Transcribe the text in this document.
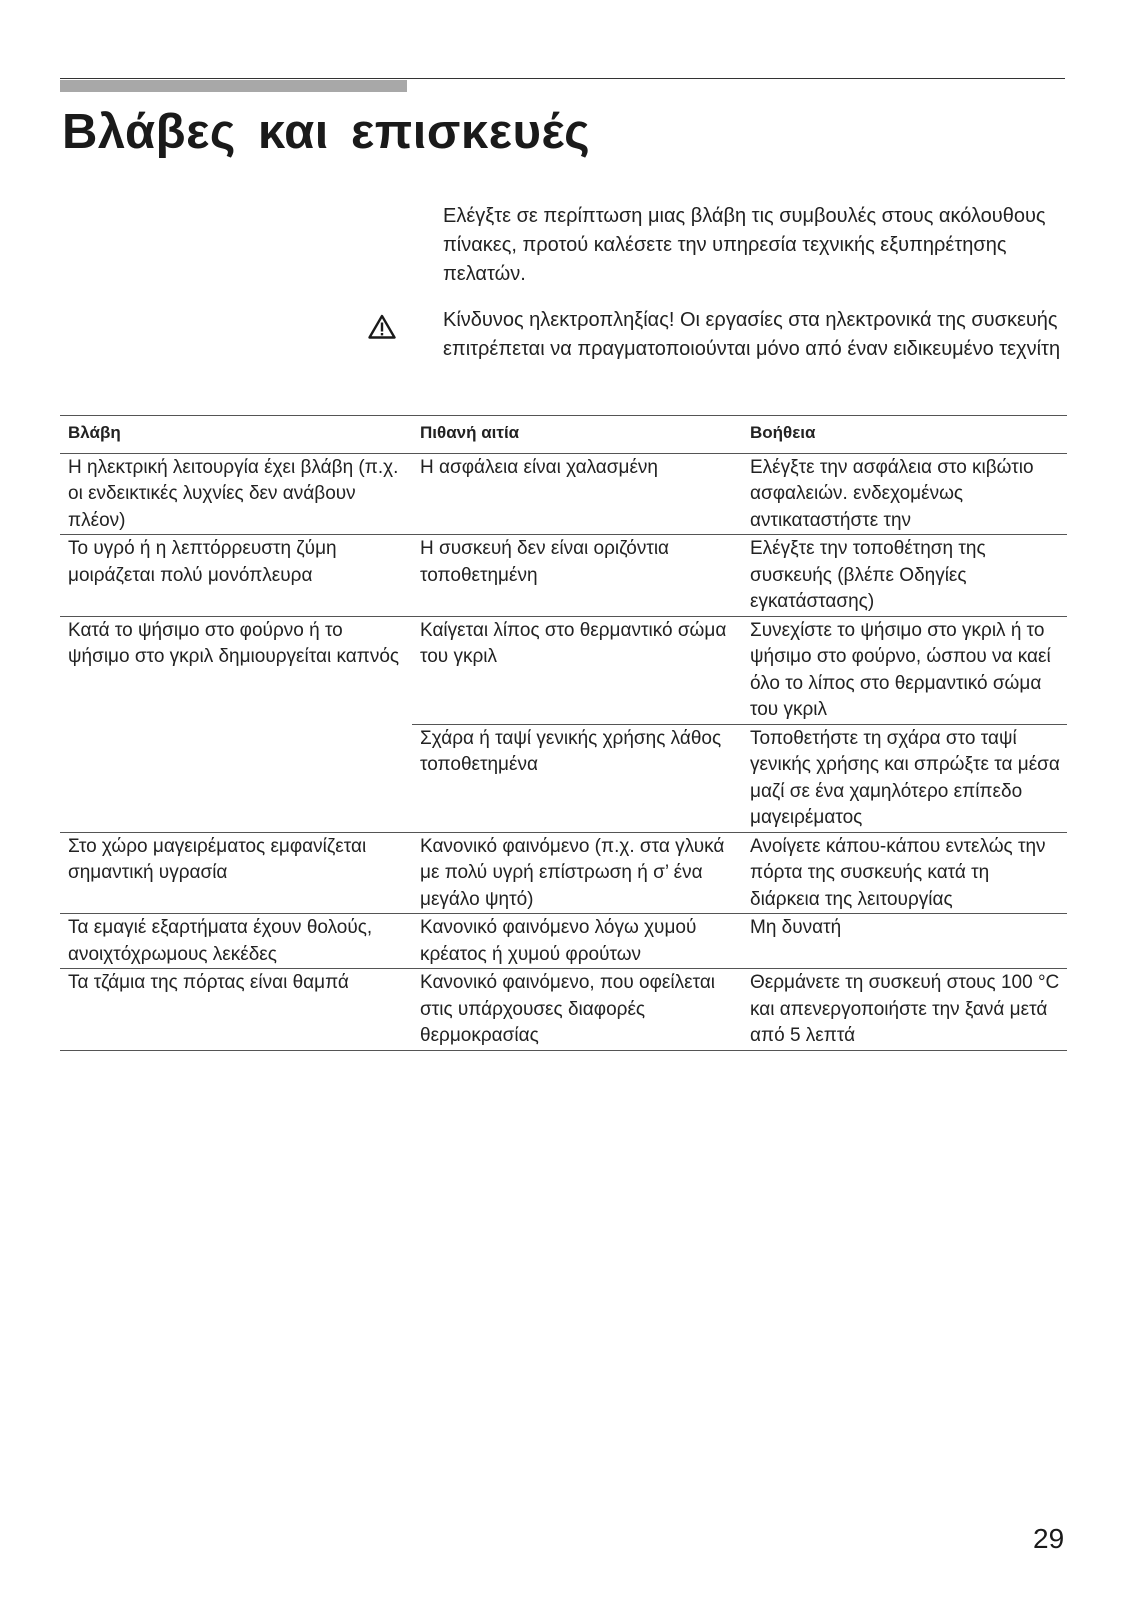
Βλάβες και επισκευές

Ελέγξτε σε περίπτωση μιας βλάβη τις συμβουλές στους ακόλουθους πίνακες, προτού καλέσετε την υπηρεσία τεχνικής εξυπηρέτησης πελατών.

Κίνδυνος ηλεκτροπληξίας! Οι εργασίες στα ηλεκτρονικά της συσκευής επιτρέπεται να πραγματοποιούνται μόνο από έναν ειδικευμένο τεχνίτη

Βλάβη	Πιθανή αιτία	Βοήθεια
Η ηλεκτρική λειτουργία έχει βλάβη (π.χ. οι ενδεικτικές λυχνίες δεν ανάβουν πλέον)	Η ασφάλεια είναι χαλασμένη	Ελέγξτε την ασφάλεια στο κιβώτιο ασφαλειών. ενδεχομένως αντικαταστήστε την
Το υγρό ή η λεπτόρρευστη ζύμη μοιράζεται πολύ μονόπλευρα	Η συσκευή δεν είναι οριζόντια τοποθετημένη	Ελέγξτε την τοποθέτηση της συσκευής (βλέπε Οδηγίες εγκατάστασης)
Κατά το ψήσιμο στο φούρνο ή το ψήσιμο στο γκριλ δημιουργείται καπνός	Καίγεται λίπος στο θερμαντικό σώμα του γκριλ	Συνεχίστε το ψήσιμο στο γκριλ ή το ψήσιμο στο φούρνο, ώσπου να καεί όλο το λίπος στο θερμαντικό σώμα του γκριλ
	Σχάρα ή ταψί γενικής χρήσης λάθος τοποθετημένα	Τοποθετήστε τη σχάρα στο ταψί γενικής χρήσης και σπρώξτε τα μέσα μαζί σε ένα χαμηλότερο επίπεδο μαγειρέματος
Στο χώρο μαγειρέματος εμφανίζεται σημαντική υγρασία	Κανονικό φαινόμενο (π.χ. στα γλυκά με πολύ υγρή επίστρωση ή σ’ ένα μεγάλο ψητό)	Ανοίγετε κάπου-κάπου εντελώς την πόρτα της συσκευής κατά τη διάρκεια της λειτουργίας
Τα εμαγιέ εξαρτήματα έχουν θολούς, ανοιχτόχρωμους λεκέδες	Κανονικό φαινόμενο λόγω χυμού κρέατος ή χυμού φρούτων	Μη δυνατή
Τα τζάμια της πόρτας είναι θαμπά	Κανονικό φαινόμενο, που οφείλεται στις υπάρχουσες διαφορές θερμοκρασίας	Θερμάνετε τη συσκευή στους 100 °C και απενεργοποιήστε την ξανά μετά από 5 λεπτά
29
